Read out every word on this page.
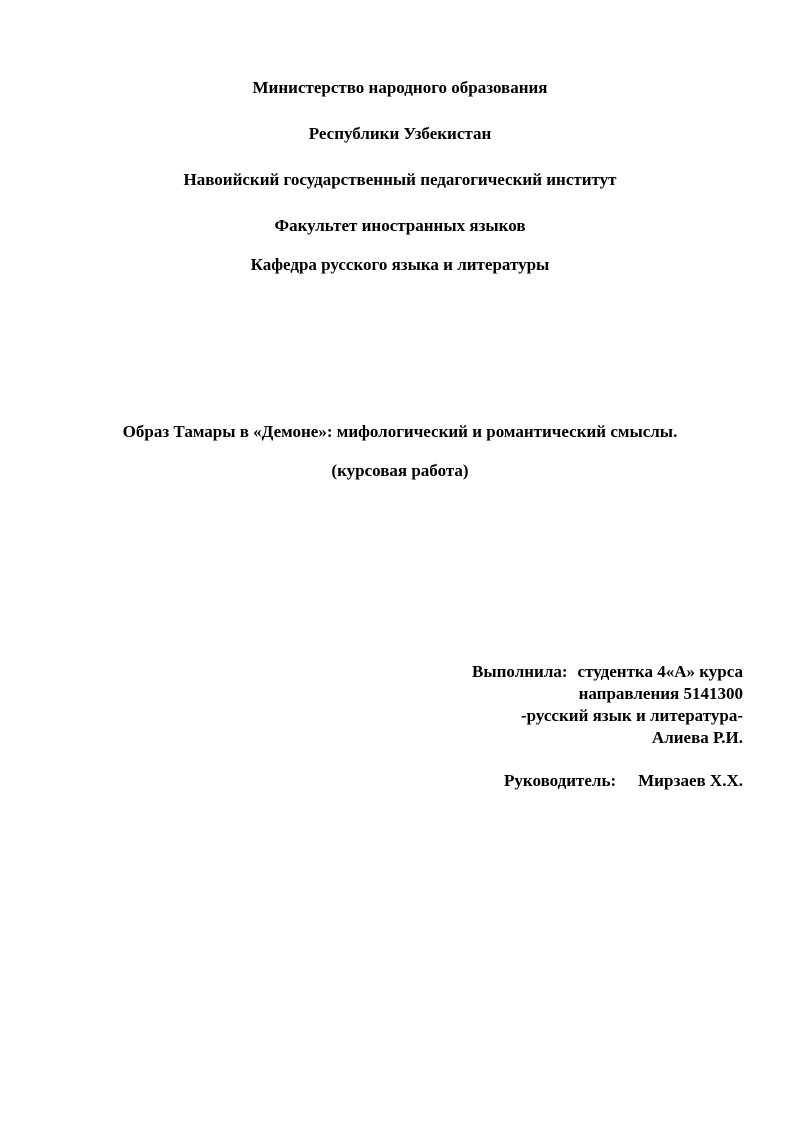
Министерство народного образования
Республики Узбекистан
Навоийский государственный педагогический институт
Факультет иностранных языков
Кафедра русского языка и литературы
Образ Тамары в «Демоне»: мифологический и романтический смыслы.
(курсовая работа)
Выполнила: студентка 4«А» курса
направления 5141300
-русский язык и литература-
Алиева Р.И.
Руководитель: Мирзаев Х.Х.
